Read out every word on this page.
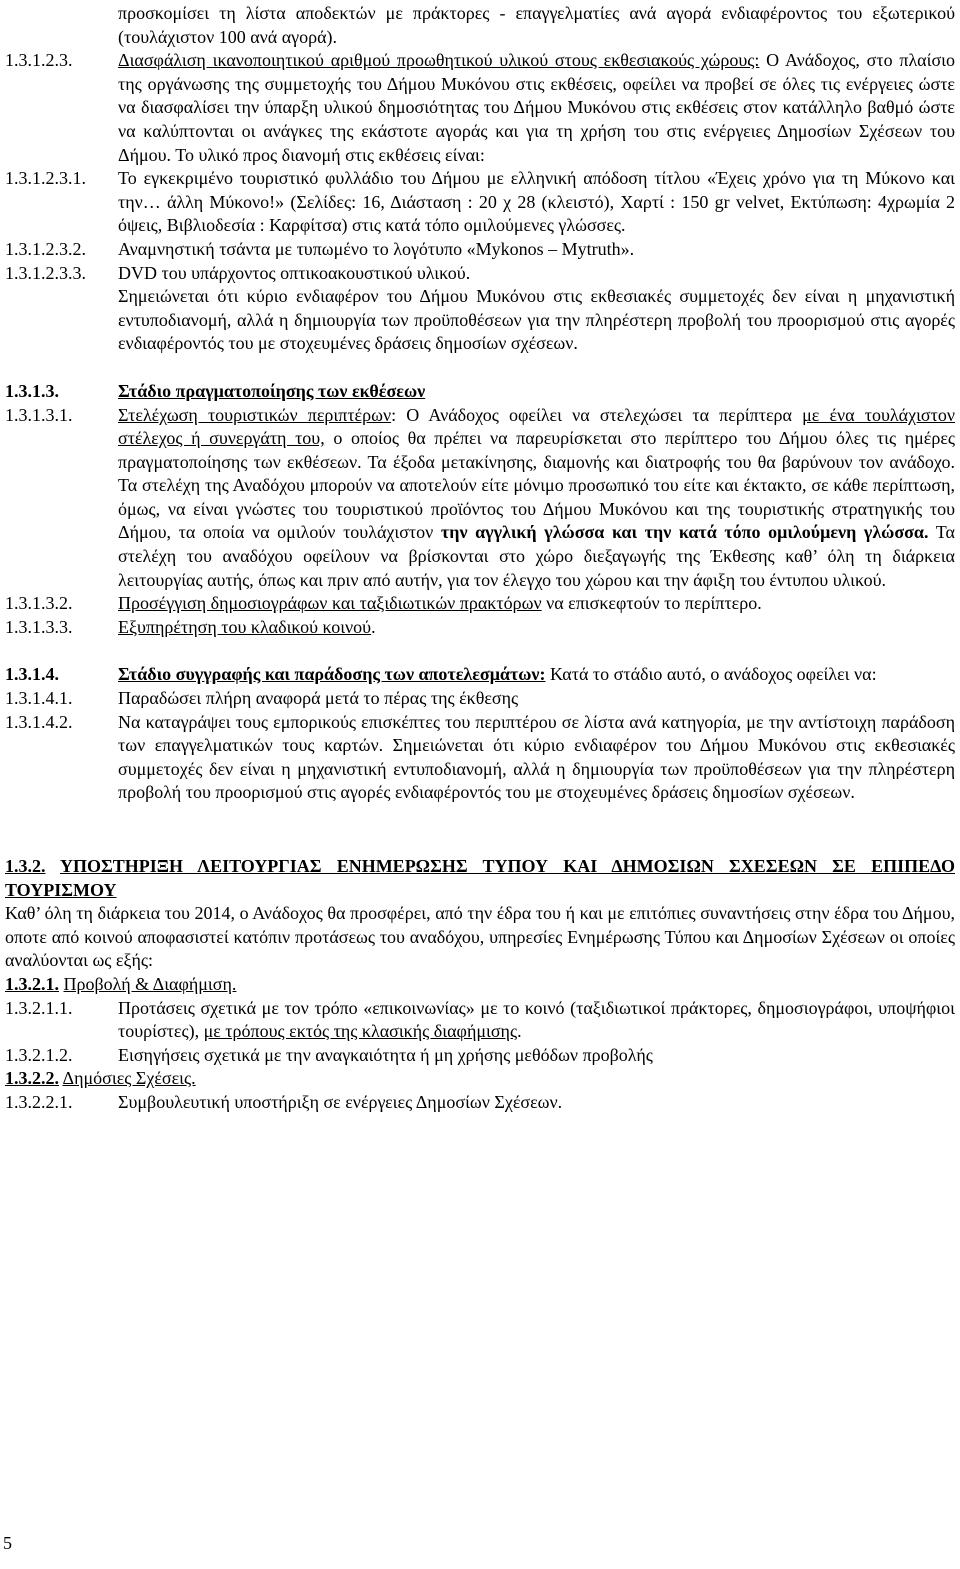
προσκομίσει τη λίστα αποδεκτών με πράκτορες - επαγγελματίες ανά αγορά ενδιαφέροντος του εξωτερικού (τουλάχιστον 100 ανά αγορά).
1.3.1.2.3.	Διασφάλιση ικανοποιητικού αριθμού προωθητικού υλικού στους εκθεσιακούς χώρους: Ο Ανάδοχος, στο πλαίσιο της οργάνωσης της συμμετοχής του Δήμου Μυκόνου στις εκθέσεις, οφείλει να προβεί σε όλες τις ενέργειες ώστε να διασφαλίσει την ύπαρξη υλικού δημοσιότητας του Δήμου Μυκόνου στις εκθέσεις στον κατάλληλο βαθμό ώστε να καλύπτονται οι ανάγκες της εκάστοτε αγοράς και για τη χρήση του στις ενέργειες Δημοσίων Σχέσεων του Δήμου. Το υλικό προς διανομή στις εκθέσεις είναι:
1.3.1.2.3.1.	Το εγκεκριμένο τουριστικό φυλλάδιο του Δήμου με ελληνική απόδοση τίτλου «Έχεις χρόνο για τη Μύκονο και την… άλλη Μύκονο!» (Σελίδες: 16, Διάσταση : 20 χ 28 (κλειστό), Χαρτί : 150 gr velvet, Εκτύπωση: 4χρωμία 2 όψεις, Βιβλιοδεσία : Καρφίτσα) στις κατά τόπο ομιλούμενες γλώσσες.
1.3.1.2.3.2.	Αναμνηστική τσάντα με τυπωμένο το λογότυπο «Mykonos – Mytruth».
1.3.1.2.3.3.	DVD του υπάρχοντος οπτικοακουστικού υλικού.
Σημειώνεται ότι κύριο ενδιαφέρον του Δήμου Μυκόνου στις εκθεσιακές συμμετοχές δεν είναι η μηχανιστική εντυποδιανομή, αλλά η δημιουργία των προϋποθέσεων για την πληρέστερη προβολή του προορισμού στις αγορές ενδιαφέροντός του με στοχευμένες δράσεις δημοσίων σχέσεων.
1.3.1.3.	Στάδιο πραγματοποίησης των εκθέσεων
1.3.1.3.1.	Στελέχωση τουριστικών περιπτέρων: Ο Ανάδοχος οφείλει να στελεχώσει τα περίπτερα με ένα τουλάχιστον στέλεχος ή συνεργάτη του, ο οποίος θα πρέπει να παρευρίσκεται στο περίπτερο του Δήμου όλες τις ημέρες πραγματοποίησης των εκθέσεων. Τα έξοδα μετακίνησης, διαμονής και διατροφής του θα βαρύνουν τον ανάδοχο. Τα στελέχη της Αναδόχου μπορούν να αποτελούν είτε μόνιμο προσωπικό του είτε και έκτακτο, σε κάθε περίπτωση, όμως, να είναι γνώστες του τουριστικού προϊόντος του Δήμου Μυκόνου και της τουριστικής στρατηγικής του Δήμου, τα οποία να ομιλούν τουλάχιστον την αγγλική γλώσσα και την κατά τόπο ομιλούμενη γλώσσα. Τα στελέχη του αναδόχου οφείλουν να βρίσκονται στο χώρο διεξαγωγής της Έκθεσης καθ’ όλη τη διάρκεια λειτουργίας αυτής, όπως και πριν από αυτήν, για τον έλεγχο του χώρου και την άφιξη του έντυπου υλικού.
1.3.1.3.2.	Προσέγγιση δημοσιογράφων και ταξιδιωτικών πρακτόρων να επισκεφτούν το περίπτερο.
1.3.1.3.3.	Εξυπηρέτηση του κλαδικού κοινού.
1.3.1.4.	Στάδιο συγγραφής και παράδοσης των αποτελεσμάτων: Κατά το στάδιο αυτό, ο ανάδοχος οφείλει να:
1.3.1.4.1.	Παραδώσει πλήρη αναφορά μετά το πέρας της έκθεσης
1.3.1.4.2.	Να καταγράψει τους εμπορικούς επισκέπτες του περιπτέρου σε λίστα ανά κατηγορία, με την αντίστοιχη παράδοση των επαγγελματικών τους καρτών. Σημειώνεται ότι κύριο ενδιαφέρον του Δήμου Μυκόνου στις εκθεσιακές συμμετοχές δεν είναι η μηχανιστική εντυποδιανομή, αλλά η δημιουργία των προϋποθέσεων για την πληρέστερη προβολή του προορισμού στις αγορές ενδιαφέροντός του με στοχευμένες δράσεις δημοσίων σχέσεων.
1.3.2. ΥΠΟΣΤΗΡΙΞΗ ΛΕΙΤΟΥΡΓΙΑΣ ΕΝΗΜΕΡΩΣΗΣ ΤΥΠΟΥ ΚΑΙ ΔΗΜΟΣΙΩΝ ΣΧΕΣΕΩΝ ΣΕ ΕΠΙΠΕΔΟ ΤΟΥΡΙΣΜΟΥ
Καθ’ όλη τη διάρκεια του 2014, ο Ανάδοχος θα προσφέρει, από την έδρα του ή και με επιτόπιες συναντήσεις στην έδρα του Δήμου, οποτε από κοινού αποφασιστεί κατόπιν προτάσεως του αναδόχου, υπηρεσίες Ενημέρωσης Τύπου και Δημοσίων Σχέσεων οι οποίες αναλύονται ως εξής:
1.3.2.1. Προβολή & Διαφήμιση.
1.3.2.1.1.	Προτάσεις σχετικά με τον τρόπο «επικοινωνίας» με το κοινό (ταξιδιωτικοί πράκτορες, δημοσιογράφοι, υποψήφιοι τουρίστες), με τρόπους εκτός της κλασικής διαφήμισης.
1.3.2.1.2.	Εισηγήσεις σχετικά με την αναγκαιότητα ή μη χρήσης μεθόδων προβολής
1.3.2.2. Δημόσιες Σχέσεις.
1.3.2.2.1.	Συμβουλευτική υποστήριξη σε ενέργειες Δημοσίων Σχέσεων.
5
